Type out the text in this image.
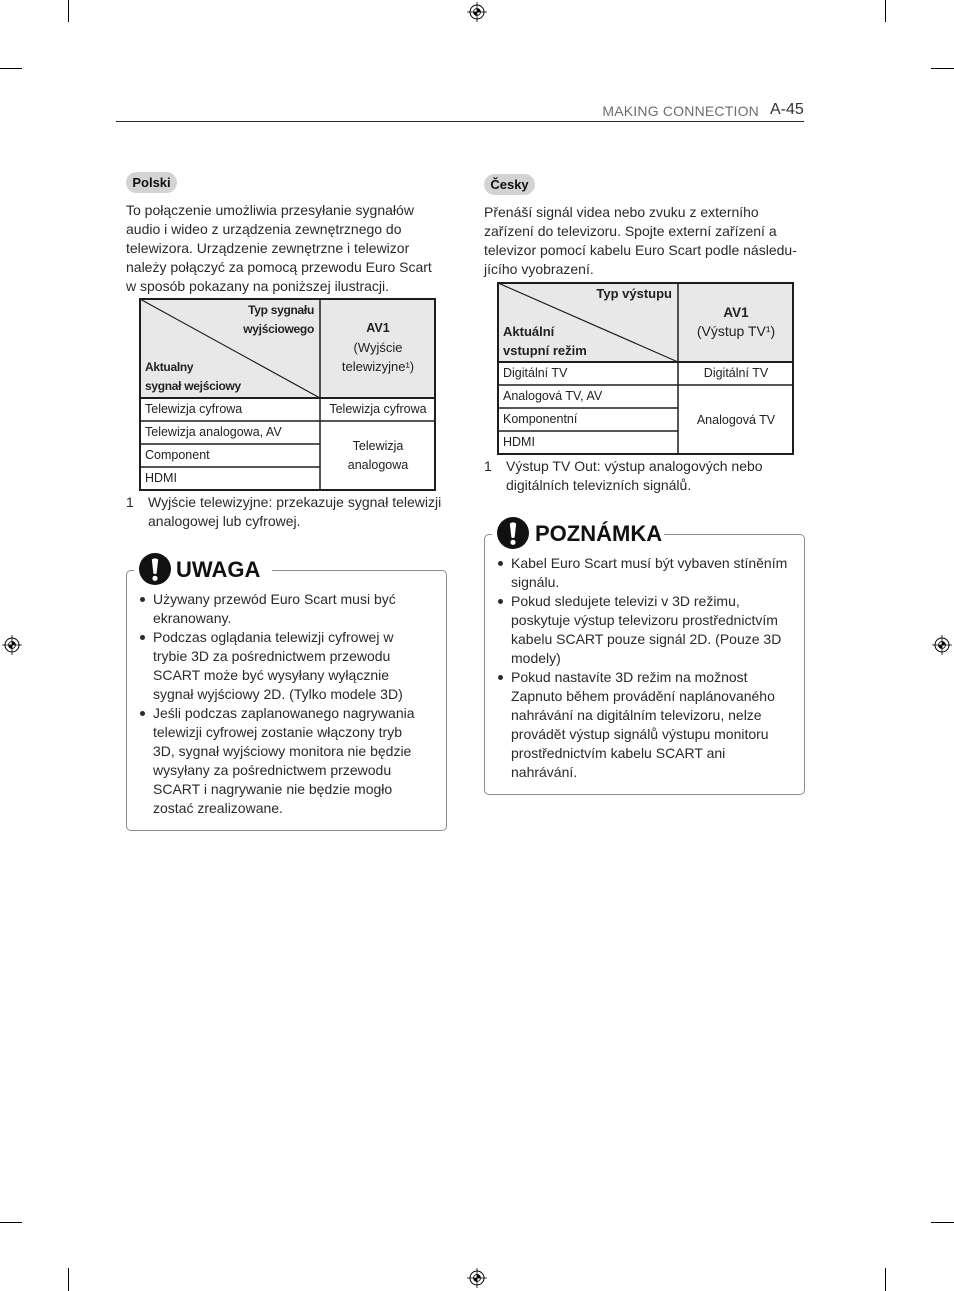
MAKING CONNECTION A-45
Polski
To połączenie umożliwia przesyłanie sygnałów
audio i wideo z urządzenia zewnętrznego do
telewizora. Urządzenie zewnętrzne i telewizor
należy połączyć za pomocą przewodu Euro Scart
w sposób pokazany na poniższej ilustracji.
Typ sygnału
wyjściowego
Aktualny
sygnał wejściowy
AV1
(Wyjście
telewizyjne¹)
Telewizja cyfrowa
Telewizja analogowa, AV
Component
HDMI
Telewizja cyfrowa
Telewizja
analogowa
1 Wyjście telewizyjne: przekazuje sygnał telewizji
analogowej lub cyfrowej.
UWAGA
Używany przewód Euro Scart musi być
ekranowany.
Podczas oglądania telewizji cyfrowej w
trybie 3D za pośrednictwem przewodu
SCART może być wysyłany wyłącznie
sygnał wyjściowy 2D. (Tylko modele 3D)
Jeśli podczas zaplanowanego nagrywania
telewizji cyfrowej zostanie włączony tryb
3D, sygnał wyjściowy monitora nie będzie
wysyłany za pośrednictwem przewodu
SCART i nagrywanie nie będzie mogło
zostać zrealizowane.
Česky
Přenáší signál videa nebo zvuku z externího
zařízení do televizoru. Spojte externí zařízení a
televizor pomocí kabelu Euro Scart podle následu-
jícího vyobrazení.
Typ výstupu
Aktuální
vstupní režim
AV1
(Výstup TV¹)
Digitální TV
Analogová TV, AV
Komponentní
HDMI
Digitální TV
Analogová TV
1 Výstup TV Out: výstup analogových nebo
digitálních televizních signálů.
POZNÁMKA
Kabel Euro Scart musí být vybaven stíněním
signálu.
Pokud sledujete televizi v 3D režimu,
poskytuje výstup televizoru prostřednictvím
kabelu SCART pouze signál 2D. (Pouze 3D
modely)
Pokud nastavíte 3D režim na možnost
Zapnuto během provádění naplánovaného
nahrávání na digitálním televizoru, nelze
provádět výstup signálů výstupu monitoru
prostřednictvím kabelu SCART ani
nahrávání.
